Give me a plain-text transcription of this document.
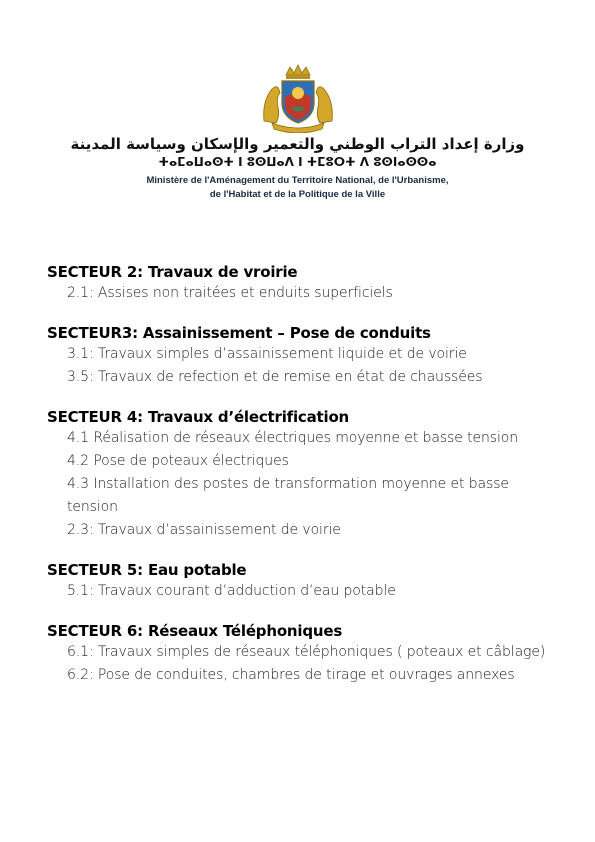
وزارة إعداد التراب الوطني والتعمير والإسكان وسياسة المدينة
ⵜⴰⵎⴰⵡⴰⵙⵜ ⵏ ⵓⵙⵡⴰⴷ ⵏ ⵜⵎⵓⵔⵜ ⴷ ⵓⵙⵏⴰⵙⵙⴰ
Ministère de l'Aménagement du Territoire National, de l'Urbanisme,
de l'Habitat et de la Politique de la Ville

SECTEUR 2: Travaux de vroirie

2.1: Assises non traitées et enduits superficiels

SECTEUR3: Assainissement – Pose de conduits

3.1: Travaux simples d’assainissement liquide et de voirie

3.5: Travaux de refection et de remise en état de chaussées

SECTEUR 4: Travaux d’électrification

4.1 Réalisation de réseaux électriques moyenne et basse tension

4.2 Pose de poteaux électriques

4.3 Installation des postes de transformation moyenne et basse tension

2.3: Travaux d’assainissement de voirie

SECTEUR 5: Eau potable

5.1: Travaux courant d’adduction d’eau potable

SECTEUR 6: Réseaux Téléphoniques

6.1: Travaux simples de réseaux téléphoniques ( poteaux et câblage)

6.2: Pose de conduites, chambres de tirage et ouvrages annexes
